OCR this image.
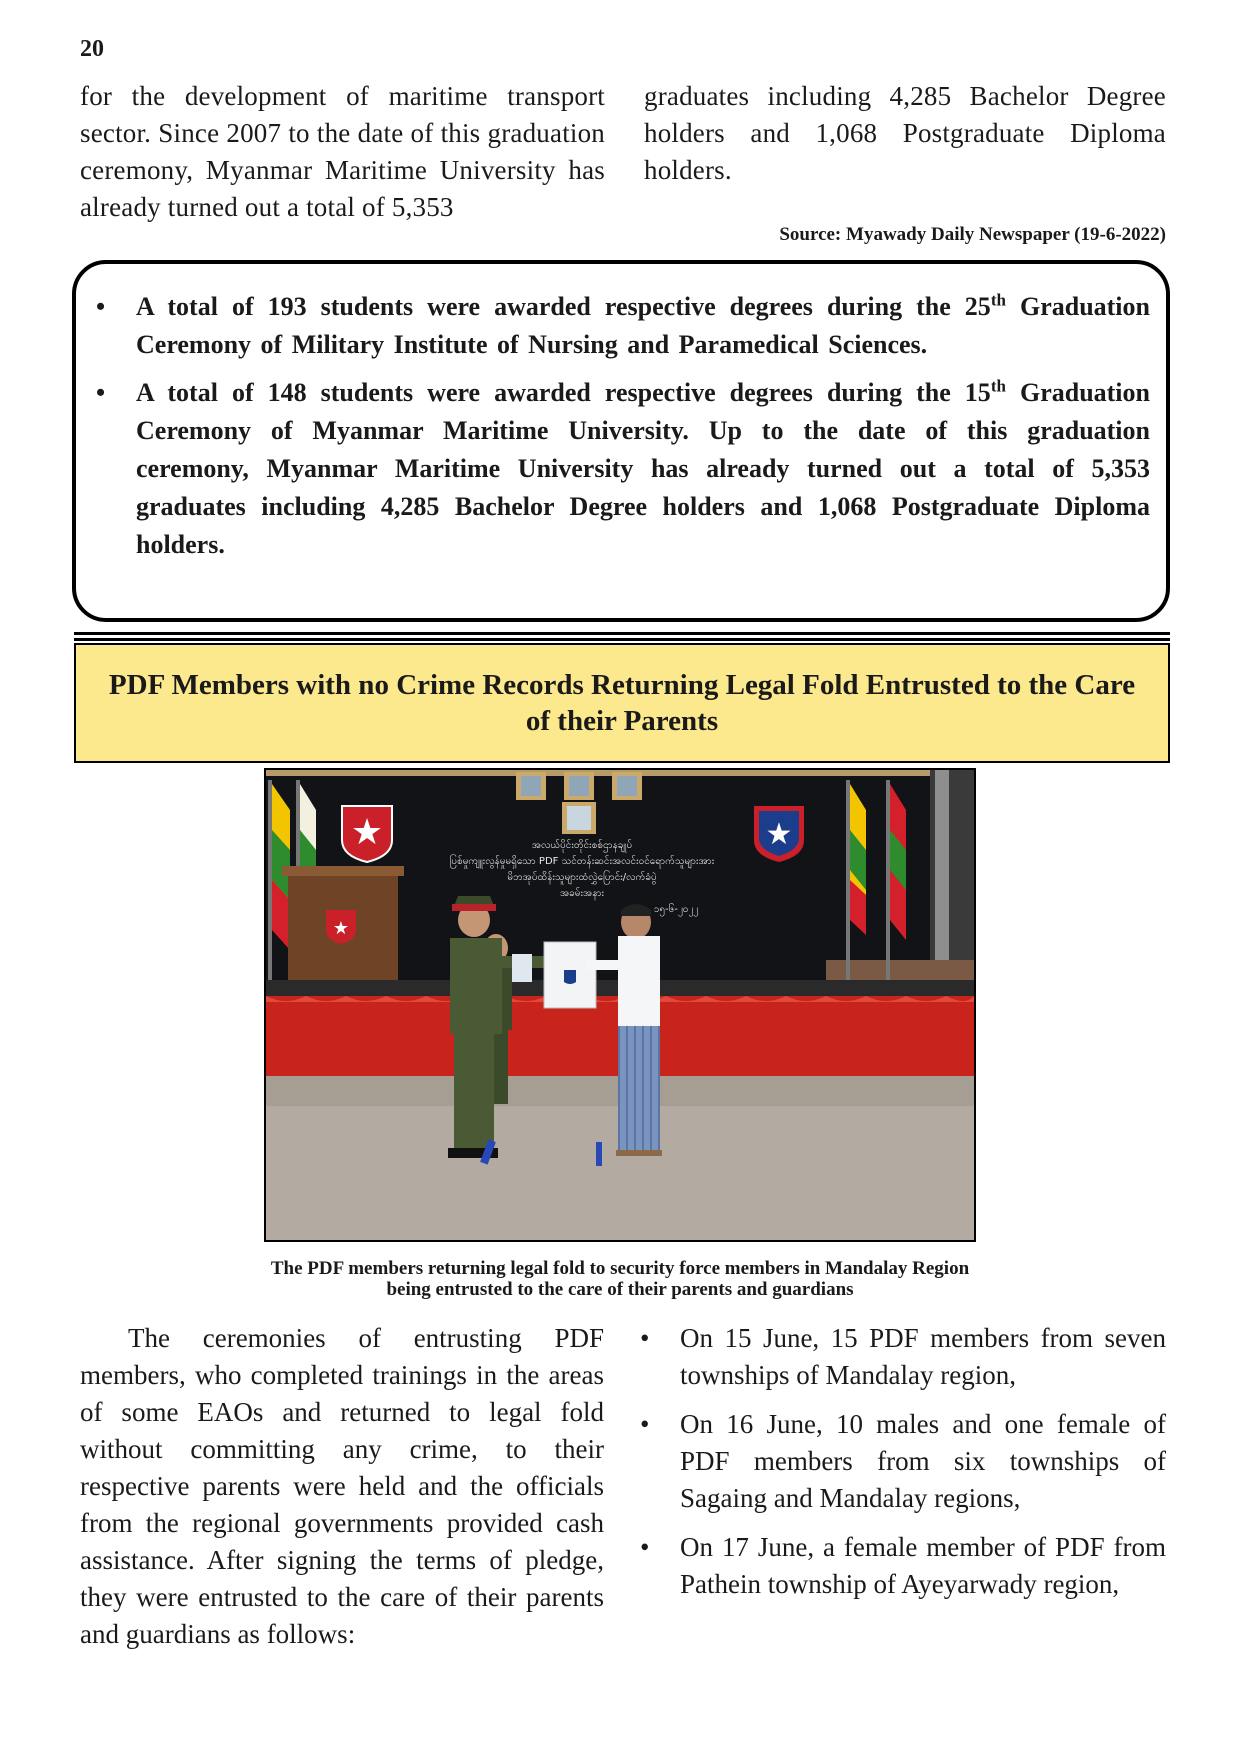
20
for the development of maritime transport sector. Since 2007 to the date of this graduation ceremony, Myanmar Maritime University has already turned out a total of 5,353
graduates including 4,285 Bachelor Degree holders and 1,068 Postgraduate Diploma holders.
Source: Myawady Daily Newspaper (19-6-2022)
• A total of 193 students were awarded respective degrees during the 25th Graduation Ceremony of Military Institute of Nursing and Paramedical Sciences.
• A total of 148 students were awarded respective degrees during the 15th Graduation Ceremony of Myanmar Maritime University. Up to the date of this graduation ceremony, Myanmar Maritime University has already turned out a total of 5,353 graduates including 4,285 Bachelor Degree holders and 1,068 Postgraduate Diploma holders.
PDF Members with no Crime Records Returning Legal Fold Entrusted to the Care of their Parents
★	★
အလယ်ပိုင်းတိုင်းစစ်ဌာနချုပ်
ပြစ်မှုကျူးလွန်မှုမရှိသော PDF သင်တန်းဆင်းအလင်းဝင်ရောက်သူများအား
မိဘအုပ်ထိန်းသူများထံလွှဲပြောင်း/လက်ခံပွဲ
အခမ်းအနား
၁၅-၆-၂၀၂၂
★
The PDF members returning legal fold to security force members in Mandalay Region
being entrusted to the care of their parents and guardians
The ceremonies of entrusting PDF members, who completed trainings in the areas of some EAOs and returned to legal fold without committing any crime, to their respective parents were held and the officials from the regional governments provided cash assistance. After signing the terms of pledge, they were entrusted to the care of their parents and guardians as follows:
• On 15 June, 15 PDF members from seven townships of Mandalay region,
• On 16 June, 10 males and one female of PDF members from six townships of Sagaing and Mandalay regions,
• On 17 June, a female member of PDF from Pathein township of Ayeyarwady region,
